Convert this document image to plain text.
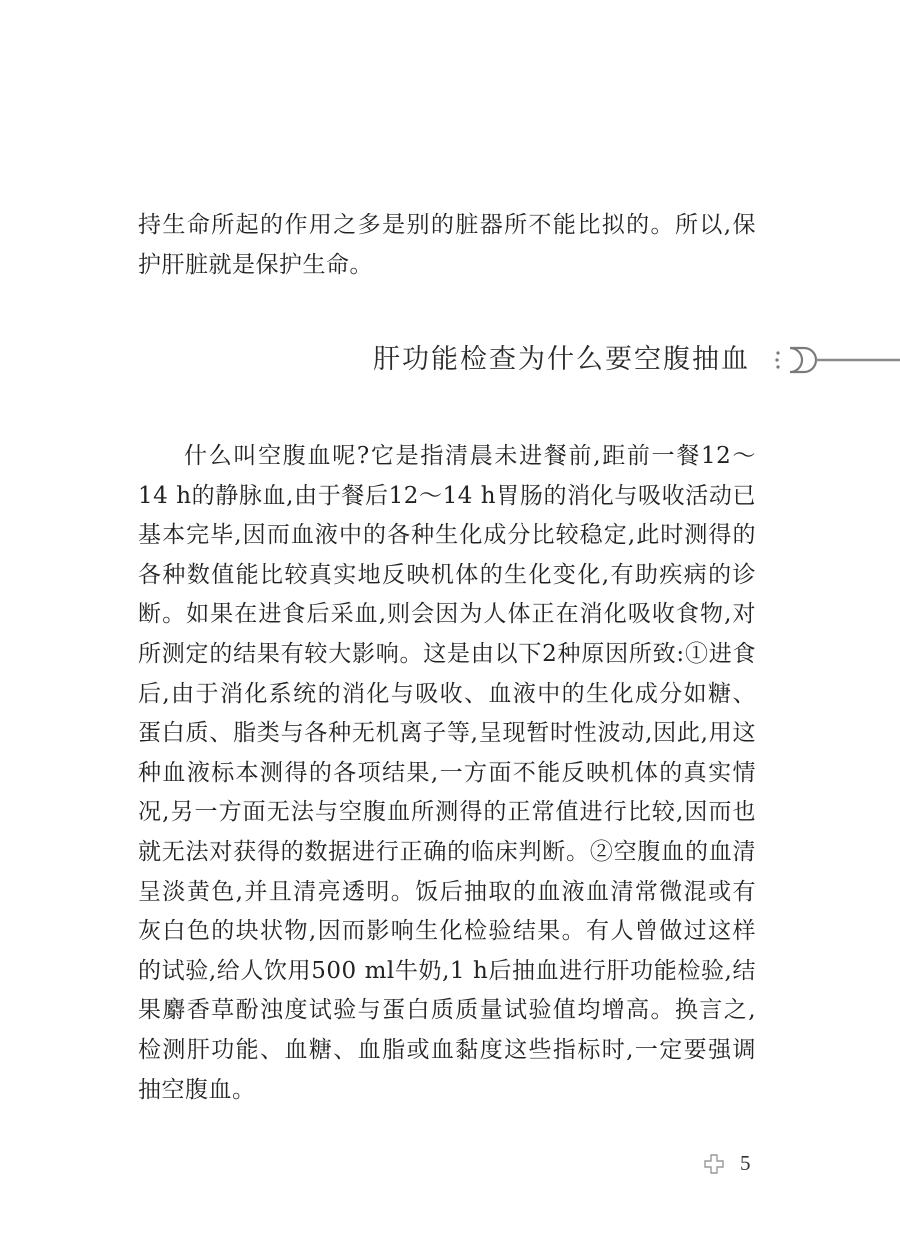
持生命所起的作用之多是别的脏器所不能比拟的。所以,保护肝脏就是保护生命。

肝功能检查为什么要空腹抽血

什么叫空腹血呢?它是指清晨未进餐前,距前一餐12～14 h的静脉血,由于餐后12～14 h胃肠的消化与吸收活动已基本完毕,因而血液中的各种生化成分比较稳定,此时测得的各种数值能比较真实地反映机体的生化变化,有助疾病的诊断。如果在进食后采血,则会因为人体正在消化吸收食物,对所测定的结果有较大影响。这是由以下2种原因所致:①进食后,由于消化系统的消化与吸收、血液中的生化成分如糖、蛋白质、脂类与各种无机离子等,呈现暂时性波动,因此,用这种血液标本测得的各项结果,一方面不能反映机体的真实情况,另一方面无法与空腹血所测得的正常值进行比较,因而也就无法对获得的数据进行正确的临床判断。②空腹血的血清呈淡黄色,并且清亮透明。饭后抽取的血液血清常微混或有灰白色的块状物,因而影响生化检验结果。有人曾做过这样的试验,给人饮用500 ml牛奶,1 h后抽血进行肝功能检验,结果麝香草酚浊度试验与蛋白质质量试验值均增高。换言之,检测肝功能、血糖、血脂或血黏度这些指标时,一定要强调抽空腹血。

5
